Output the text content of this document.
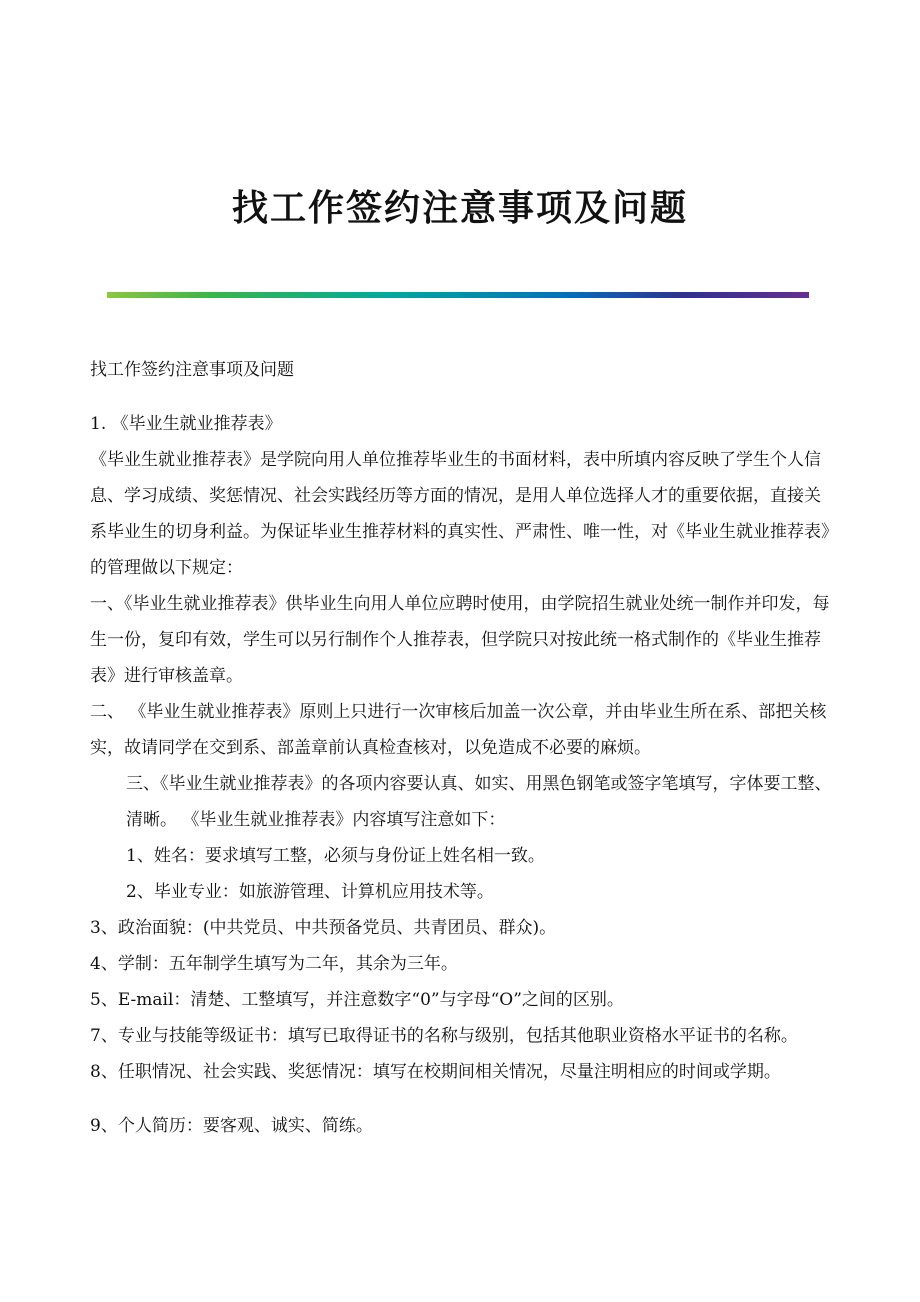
找工作签约注意事项及问题

找工作签约注意事项及问题

1. 《毕业生就业推荐表》

《毕业生就业推荐表》是学院向用人单位推荐毕业生的书面材料，表中所填内容反映了学生个人信息、学习成绩、奖惩情况、社会实践经历等方面的情况，是用人单位选择人才的重要依据，直接关系毕业生的切身利益。为保证毕业生推荐材料的真实性、严肃性、唯一性，对《毕业生就业推荐表》的管理做以下规定：

一、《毕业生就业推荐表》供毕业生向用人单位应聘时使用，由学院招生就业处统一制作并印发，每生一份，复印有效，学生可以另行制作个人推荐表，但学院只对按此统一格式制作的《毕业生推荐表》进行审核盖章。

二、 《毕业生就业推荐表》原则上只进行一次审核后加盖一次公章，并由毕业生所在系、部把关核实，故请同学在交到系、部盖章前认真检查核对，以免造成不必要的麻烦。

三、《毕业生就业推荐表》的各项内容要认真、如实、用黑色钢笔或签字笔填写，字体要工整、清晰。 《毕业生就业推荐表》内容填写注意如下：

1、姓名：要求填写工整，必须与身份证上姓名相一致。

2、毕业专业：如旅游管理、计算机应用技术等。

3、政治面貌：(中共党员、中共预备党员、共青团员、群众)。

4、学制：五年制学生填写为二年，其余为三年。

5、E-mail：清楚、工整填写，并注意数字“0”与字母“O”之间的区别。

7、专业与技能等级证书：填写已取得证书的名称与级别，包括其他职业资格水平证书的名称。

8、任职情况、社会实践、奖惩情况：填写在校期间相关情况，尽量注明相应的时间或学期。

9、个人简历：要客观、诚实、简练。
